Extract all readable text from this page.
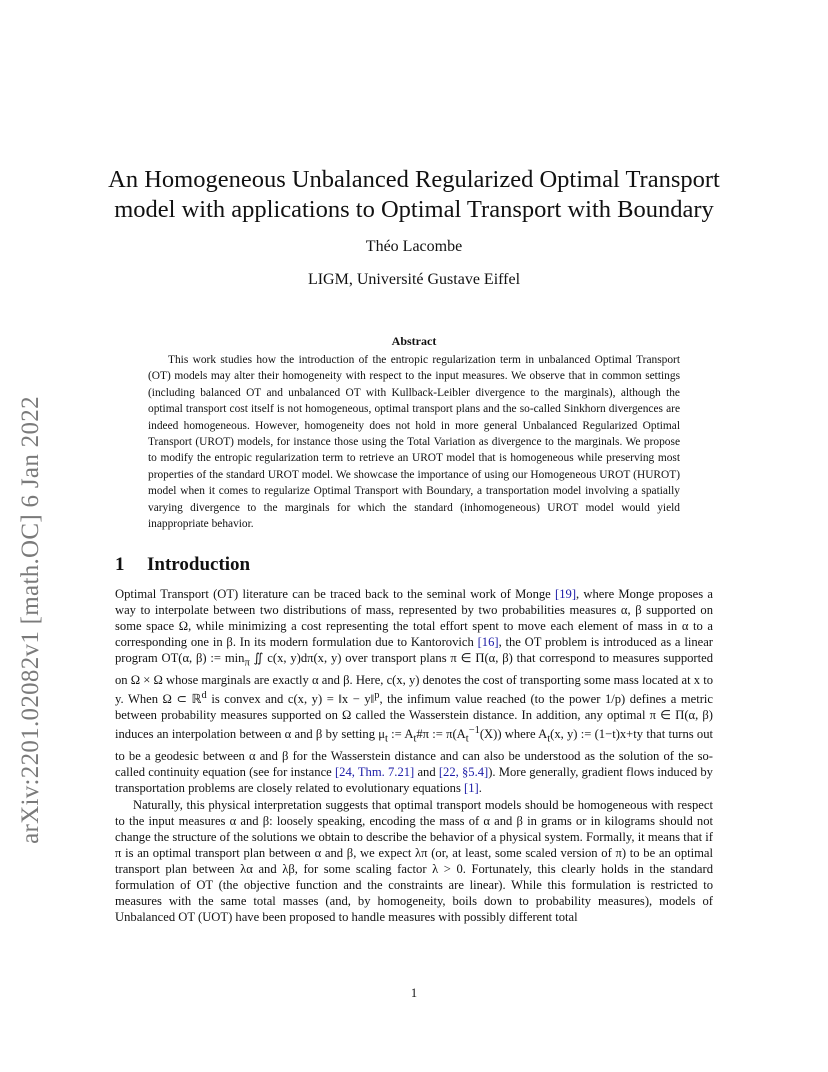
arXiv:2201.02082v1 [math.OC] 6 Jan 2022
An Homogeneous Unbalanced Regularized Optimal Transport
model with applications to Optimal Transport with Boundary
Théo Lacombe
LIGM, Université Gustave Eiffel
Abstract

This work studies how the introduction of the entropic regularization term in unbalanced Optimal Transport (OT) models may alter their homogeneity with respect to the input measures. We observe that in common settings (including balanced OT and unbalanced OT with Kullback-Leibler divergence to the marginals), although the optimal transport cost itself is not homogeneous, optimal transport plans and the so-called Sinkhorn divergences are indeed homogeneous. However, homogeneity does not hold in more general Unbalanced Regularized Optimal Transport (UROT) models, for instance those using the Total Variation as divergence to the marginals. We propose to modify the entropic regularization term to retrieve an UROT model that is homogeneous while preserving most properties of the standard UROT model. We showcase the importance of using our Homogeneous UROT (HUROT) model when it comes to regularize Optimal Transport with Boundary, a transportation model involving a spatially varying divergence to the marginals for which the standard (inhomogeneous) UROT model would yield inappropriate behavior.

1 Introduction

Optimal Transport (OT) literature can be traced back to the seminal work of Monge [19], where Monge proposes a way to interpolate between two distributions of mass, represented by two probabilities measures α, β supported on some space Ω, while minimizing a cost representing the total effort spent to move each element of mass in α to a corresponding one in β. In its modern formulation due to Kantorovich [16], the OT problem is introduced as a linear program OT(α, β) := $\min_\pi$ ∬ c(x, y)dπ(x, y) over transport plans π ∈ Π(α, β) that correspond to measures supported on Ω × Ω whose marginals are exactly α and β. Here, c(x, y) denotes the cost of transporting some mass located at x to y. When Ω ⊂ ℝ$^d$ is convex and c(x, y) = ‖x − y‖$^p$, the infimum value reached (to the power 1/p) defines a metric between probability measures supported on Ω called the Wasserstein distance. In addition, any optimal π ∈ Π(α, β) induces an interpolation between α and β by setting $\mu_t$ := $A_t\#\pi$ := $\pi(A_t^{-1}(X))$ where $A_t(x$, y) := (1−t)x+ty that turns out to be a geodesic between α and β for the Wasserstein distance and can also be understood as the solution of the so-called continuity equation (see for instance [24, Thm. 7.21] and [22, §5.4]). More generally, gradient flows induced by transportation problems are closely related to evolutionary equations [1].

Naturally, this physical interpretation suggests that optimal transport models should be homogeneous with respect to the input measures α and β: loosely speaking, encoding the mass of α and β in grams or in kilograms should not change the structure of the solutions we obtain to describe the behavior of a physical system. Formally, it means that if π is an optimal transport plan between α and β, we expect λπ (or, at least, some scaled version of π) to be an optimal transport plan between λα and λβ, for some scaling factor λ > 0. Fortunately, this clearly holds in the standard formulation of OT (the objective function and the constraints are linear). While this formulation is restricted to measures with the same total masses (and, by homogeneity, boils down to probability measures), models of Unbalanced OT (UOT) have been proposed to handle measures with possibly different total

1
